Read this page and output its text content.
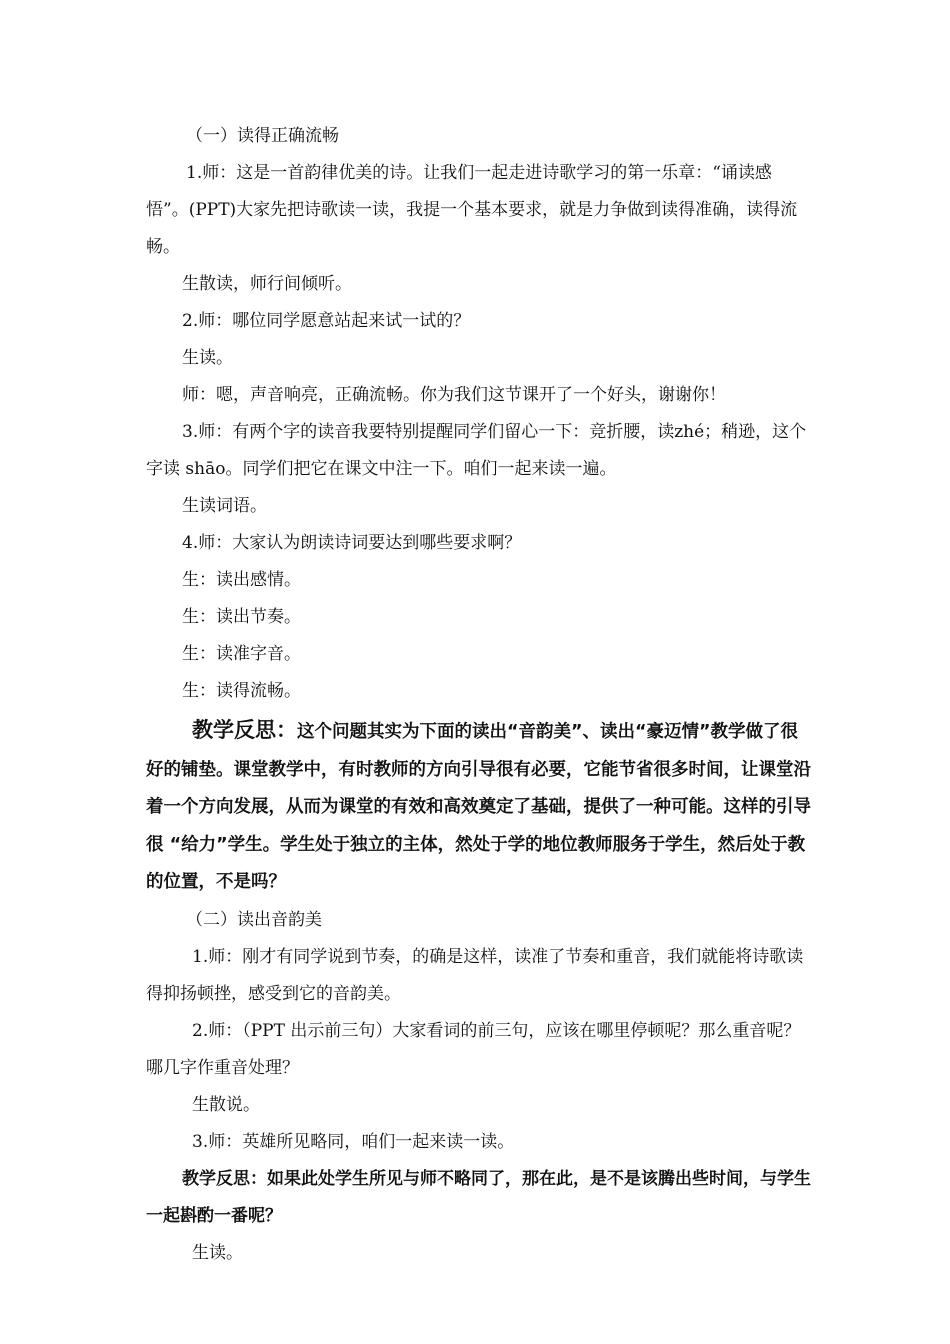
（一）读得正确流畅

1.师：这是一首韵律优美的诗。让我们一起走进诗歌学习的第一乐章：“诵读感悟”。(PPT)大家先把诗歌读一读，我提一个基本要求，就是力争做到读得准确，读得流畅。

生散读，师行间倾听。

2.师：哪位同学愿意站起来试一试的？

生读。

师：嗯，声音响亮，正确流畅。你为我们这节课开了一个好头，谢谢你！

3.师：有两个字的读音我要特别提醒同学们留心一下：竞折腰，读zhé；稍逊，这个字读 shāo。同学们把它在课文中注一下。咱们一起来读一遍。

生读词语。

4.师：大家认为朗读诗词要达到哪些要求啊？

生：读出感情。

生：读出节奏。

生：读准字音。

生：读得流畅。

教学反思：这个问题其实为下面的读出“音韵美”、读出“豪迈情”教学做了很好的铺垫。课堂教学中，有时教师的方向引导很有必要，它能节省很多时间，让课堂沿着一个方向发展，从而为课堂的有效和高效奠定了基础，提供了一种可能。这样的引导很 “给力”学生。学生处于独立的主体，然处于学的地位教师服务于学生，然后处于教的位置，不是吗？

（二）读出音韵美

1.师：刚才有同学说到节奏，的确是这样，读准了节奏和重音，我们就能将诗歌读得抑扬顿挫，感受到它的音韵美。

2.师：（PPT 出示前三句）大家看词的前三句，应该在哪里停顿呢？那么重音呢？哪几字作重音处理？

生散说。

3.师：英雄所见略同，咱们一起来读一读。

教学反思：如果此处学生所见与师不略同了，那在此，是不是该腾出些时间，与学生一起斟酌一番呢？

生读。
